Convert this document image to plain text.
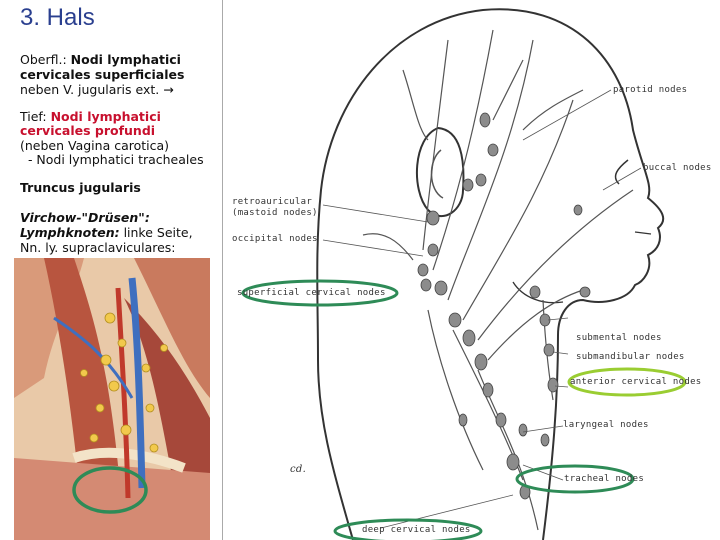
3. Hals
Oberfl.: Nodi lymphatici
cervicales superficiales
neben V. jugularis ext. →
Tief: Nodi lymphatici
cervicales profundi
(neben Vagina carotica)
- Nodi lymphatici tracheales
Truncus jugularis
Virchow-"Drüsen":
Lymphknoten: linke Seite,
Nn. ly. supraclaviculares:
parotid nodes
buccal nodes
retroauricular
(mastoid nodes)
occipital nodes
superficial cervical nodes
submental nodes
submandibular nodes
anterior cervical nodes
laryngeal nodes
tracheal nodes
deep cervical nodes
cd.
